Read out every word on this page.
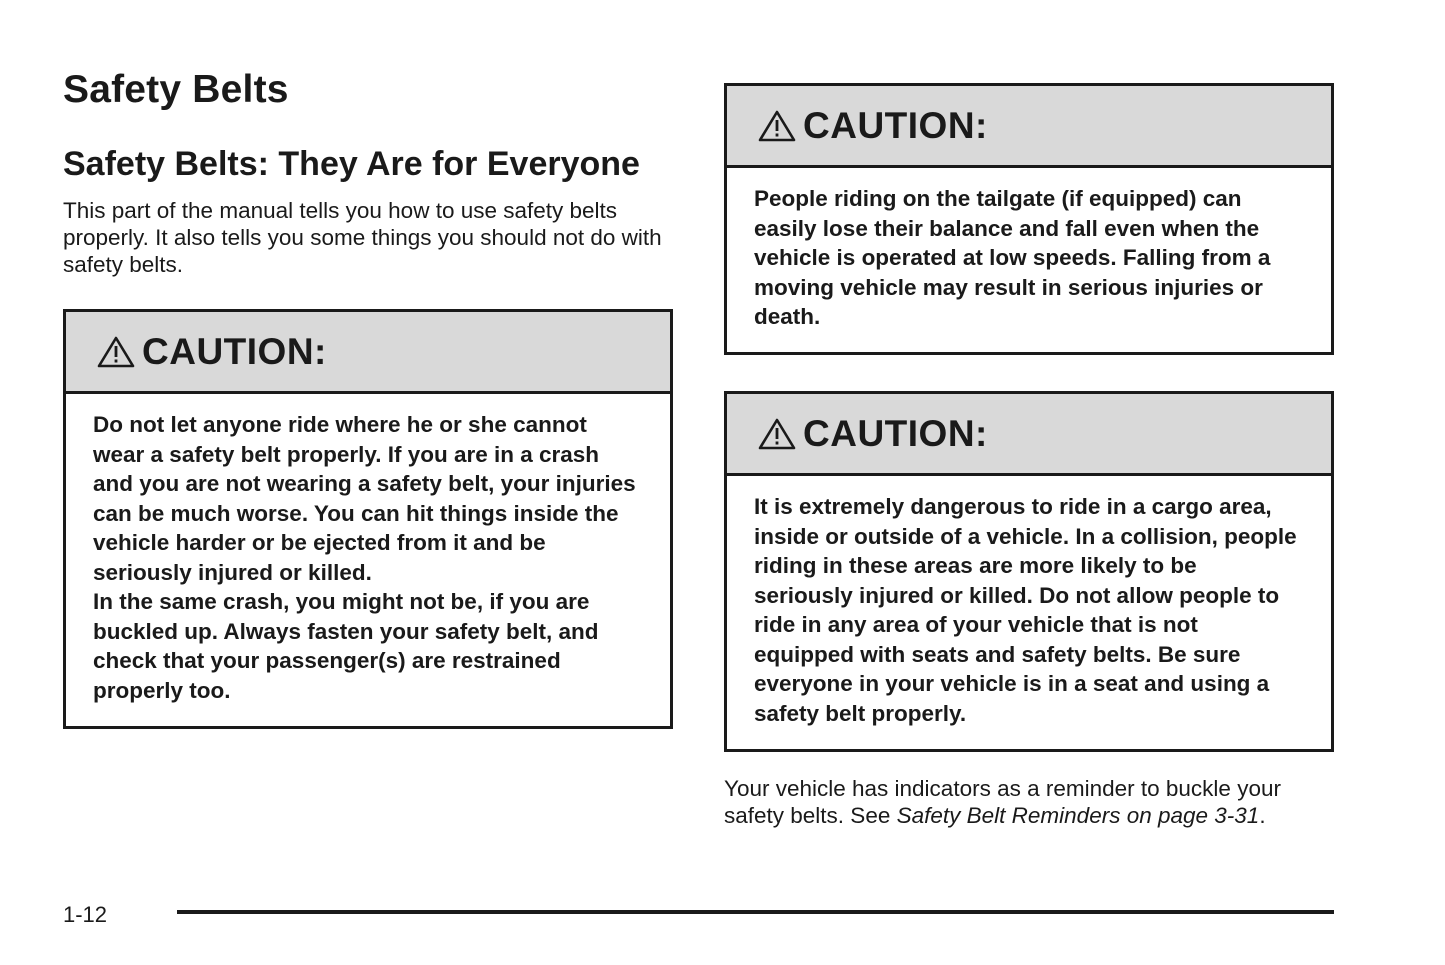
Safety Belts
Safety Belts: They Are for Everyone

This part of the manual tells you how to use safety belts properly. It also tells you some things you should not do with safety belts.

CAUTION:

Do not let anyone ride where he or she cannot wear a safety belt properly. If you are in a crash and you are not wearing a safety belt, your injuries can be much worse. You can hit things inside the vehicle harder or be ejected from it and be seriously injured or killed.

In the same crash, you might not be, if you are buckled up. Always fasten your safety belt, and check that your passenger(s) are restrained properly too.

CAUTION:

People riding on the tailgate (if equipped) can easily lose their balance and fall even when the vehicle is operated at low speeds. Falling from a moving vehicle may result in serious injuries or death.

CAUTION:

It is extremely dangerous to ride in a cargo area, inside or outside of a vehicle. In a collision, people riding in these areas are more likely to be seriously injured or killed. Do not allow people to ride in any area of your vehicle that is not equipped with seats and safety belts. Be sure everyone in your vehicle is in a seat and using a safety belt properly.

Your vehicle has indicators as a reminder to buckle your safety belts. See Safety Belt Reminders on page 3-31.

1-12
